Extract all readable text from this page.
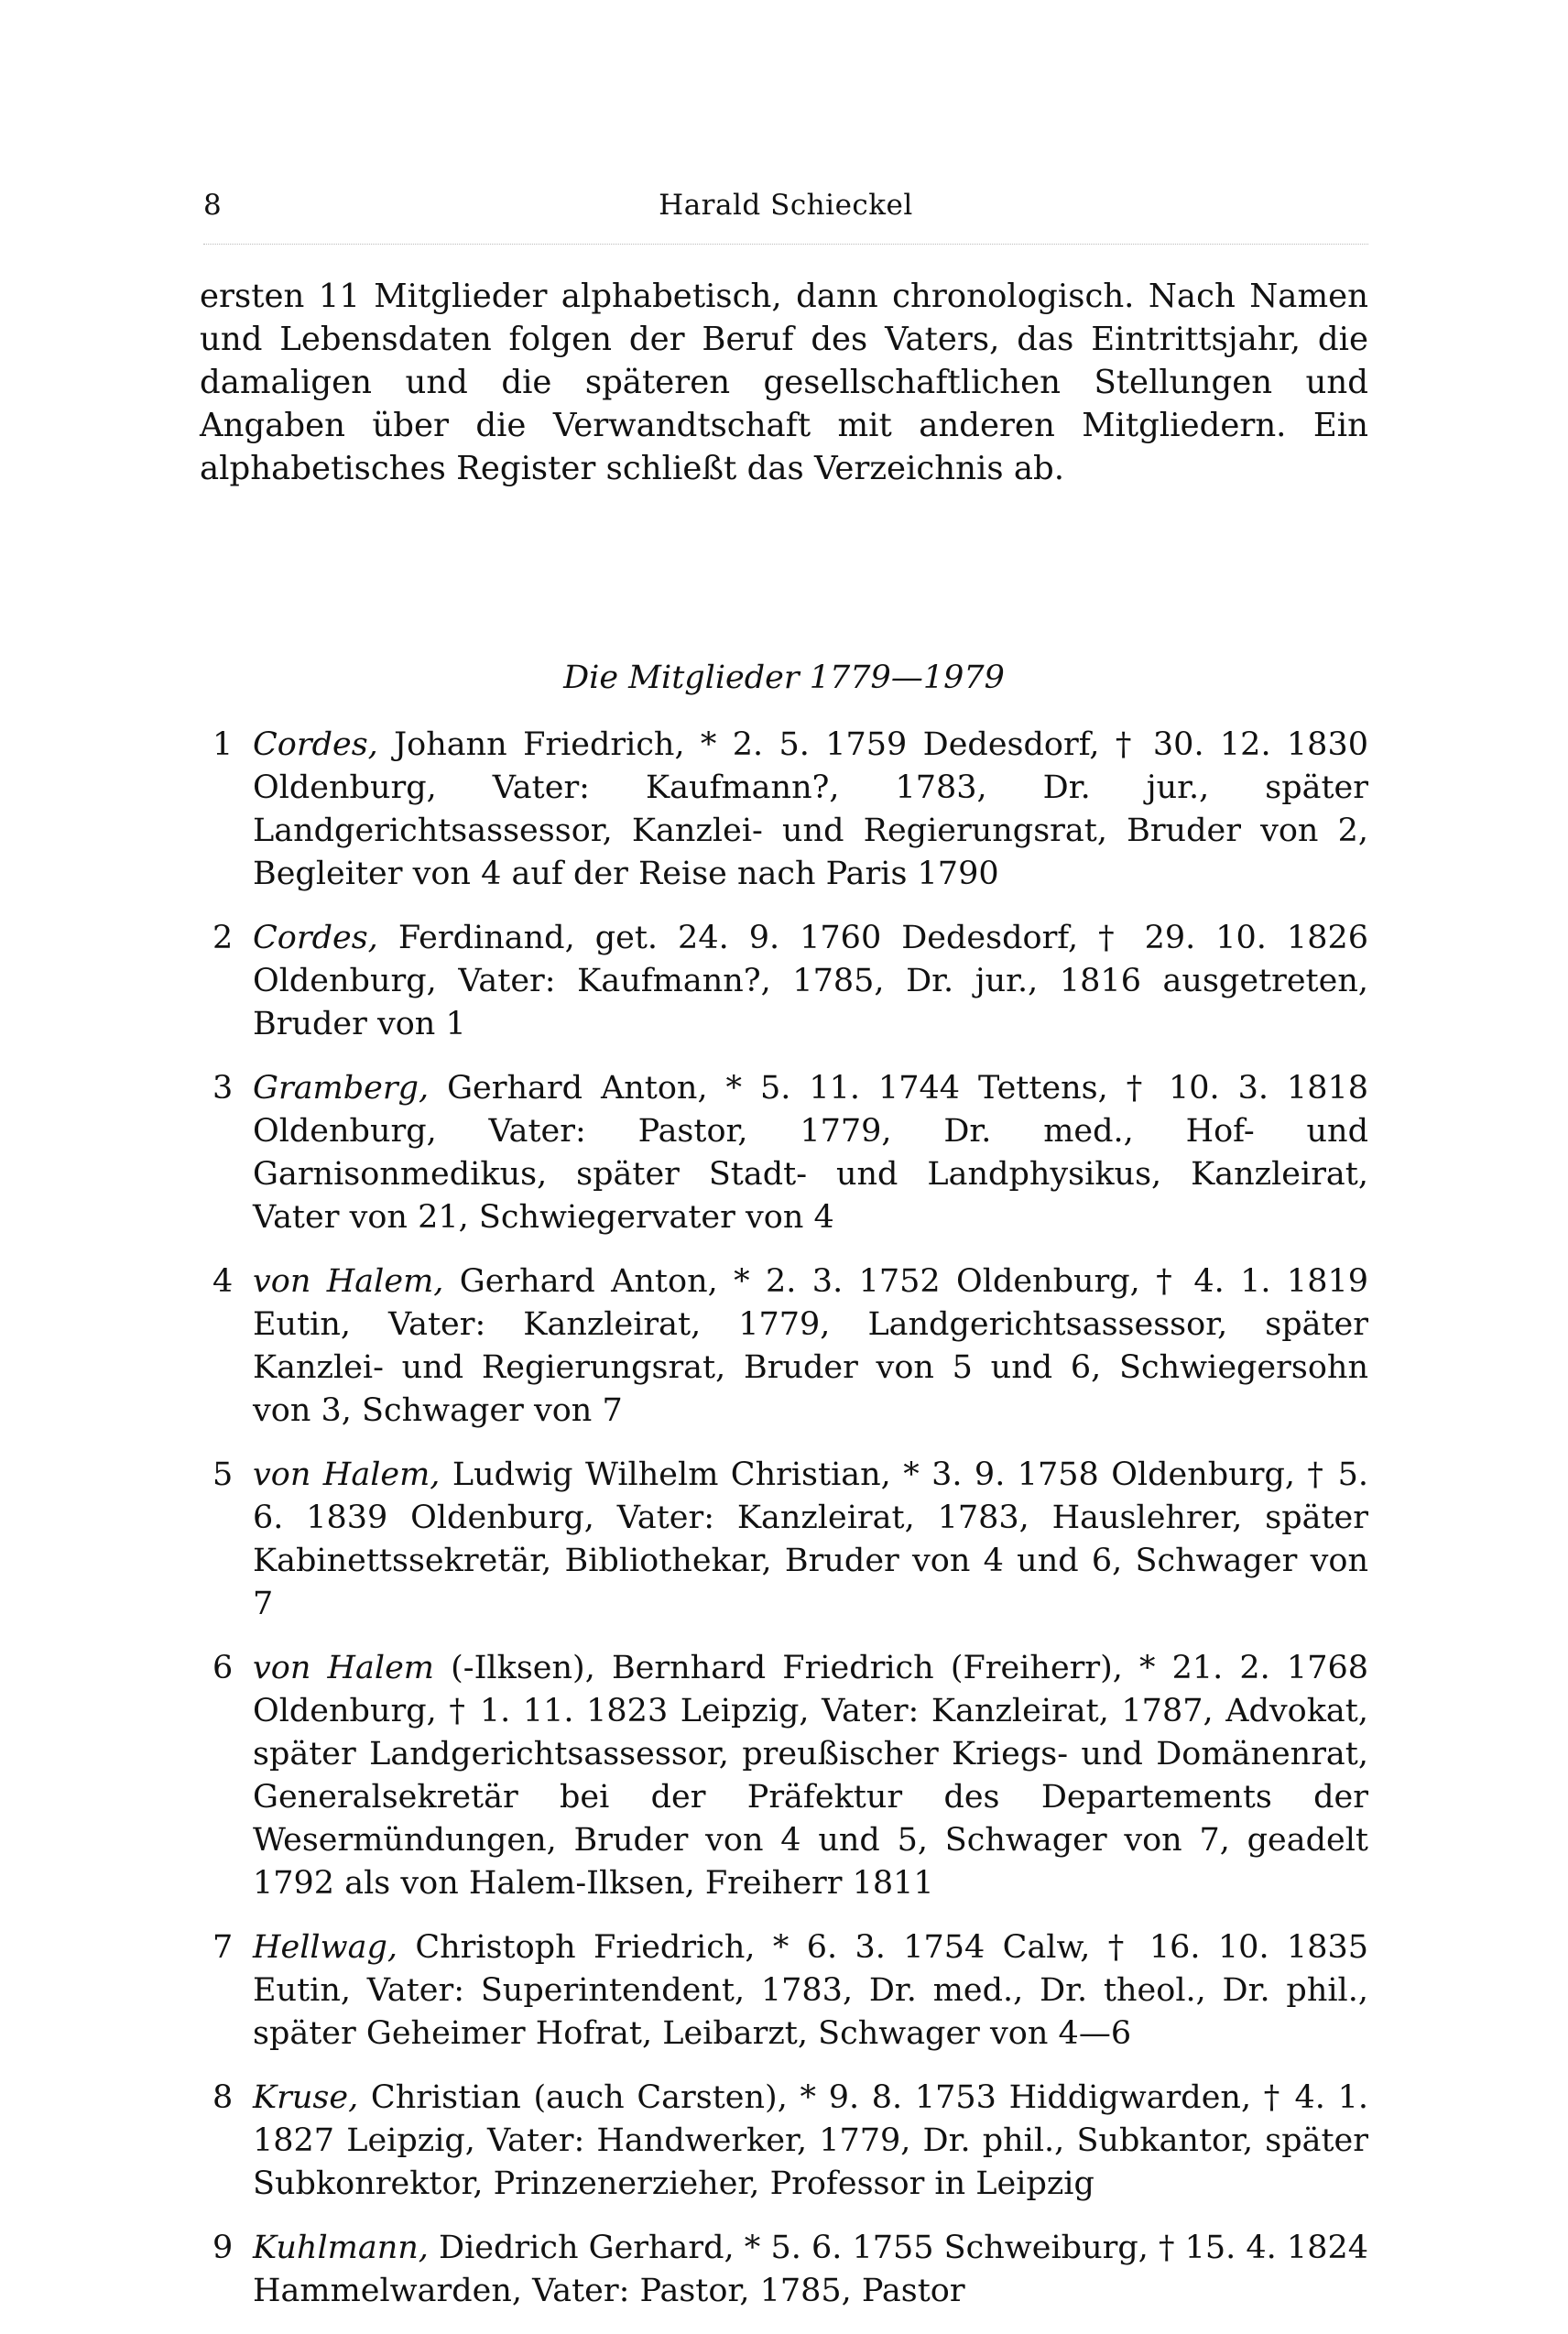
8	Harald Schieckel

ersten 11 Mitglieder alphabetisch, dann chronologisch. Nach Namen und Lebensdaten folgen der Beruf des Vaters, das Eintrittsjahr, die damaligen und die späteren gesellschaftlichen Stellungen und Angaben über die Verwandtschaft mit anderen Mitgliedern. Ein alphabetisches Register schließt das Verzeichnis ab.

Die Mitglieder 1779—1979
1 Cordes, Johann Friedrich, * 2. 5. 1759 Dedesdorf, † 30. 12. 1830 Oldenburg, Vater: Kaufmann?, 1783, Dr. jur., später Landgerichtsassessor, Kanzlei- und Regierungsrat, Bruder von 2, Begleiter von 4 auf der Reise nach Paris 1790
2 Cordes, Ferdinand, get. 24. 9. 1760 Dedesdorf, † 29. 10. 1826 Oldenburg, Vater: Kaufmann?, 1785, Dr. jur., 1816 ausgetreten, Bruder von 1
3 Gramberg, Gerhard Anton, * 5. 11. 1744 Tettens, † 10. 3. 1818 Oldenburg, Vater: Pastor, 1779, Dr. med., Hof- und Garnisonmedikus, später Stadt- und Landphysikus, Kanzleirat, Vater von 21, Schwiegervater von 4
4 von Halem, Gerhard Anton, * 2. 3. 1752 Oldenburg, † 4. 1. 1819 Eutin, Vater: Kanzleirat, 1779, Landgerichtsassessor, später Kanzlei- und Regierungsrat, Bruder von 5 und 6, Schwiegersohn von 3, Schwager von 7
5 von Halem, Ludwig Wilhelm Christian, * 3. 9. 1758 Oldenburg, † 5. 6. 1839 Oldenburg, Vater: Kanzleirat, 1783, Hauslehrer, später Kabinettssekretär, Bibliothekar, Bruder von 4 und 6, Schwager von 7
6 von Halem (-Ilksen), Bernhard Friedrich (Freiherr), * 21. 2. 1768 Oldenburg, † 1. 11. 1823 Leipzig, Vater: Kanzleirat, 1787, Advokat, später Landgerichtsassessor, preußischer Kriegs- und Domänenrat, Generalsekretär bei der Präfektur des Departements der Wesermündungen, Bruder von 4 und 5, Schwager von 7, geadelt 1792 als von Halem-Ilksen, Freiherr 1811
7 Hellwag, Christoph Friedrich, * 6. 3. 1754 Calw, † 16. 10. 1835 Eutin, Vater: Superintendent, 1783, Dr. med., Dr. theol., Dr. phil., später Geheimer Hofrat, Leibarzt, Schwager von 4—6
8 Kruse, Christian (auch Carsten), * 9. 8. 1753 Hiddigwarden, † 4. 1. 1827 Leipzig, Vater: Handwerker, 1779, Dr. phil., Subkantor, später Subkonrektor, Prinzenerzieher, Professor in Leipzig
9 Kuhlmann, Diedrich Gerhard, * 5. 6. 1755 Schweiburg, † 15. 4. 1824 Hammelwarden, Vater: Pastor, 1785, Pastor
